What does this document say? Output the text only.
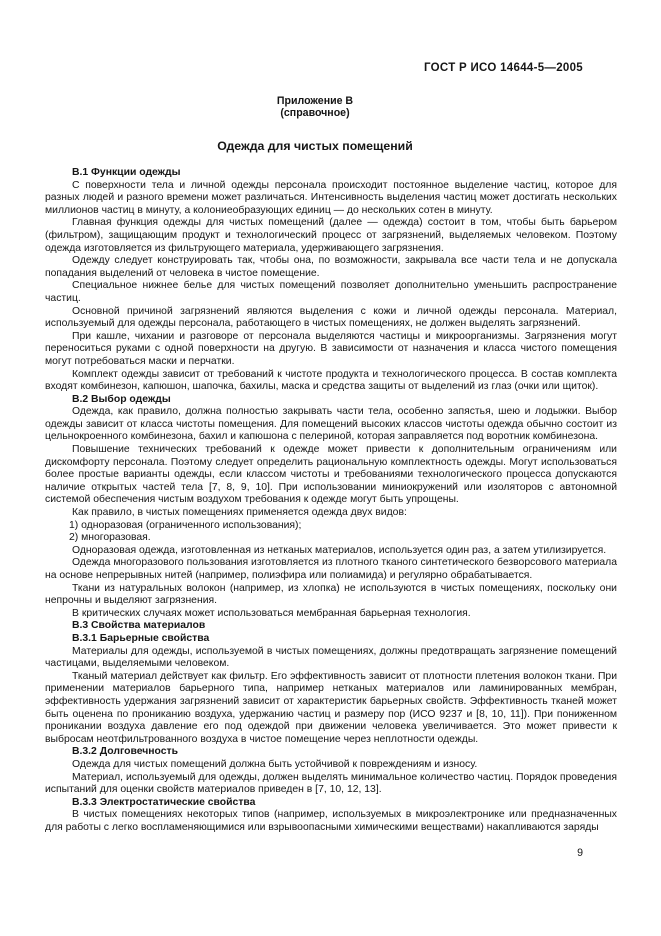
ГОСТ Р ИСО 14644-5—2005
Приложение В
(справочное)
Одежда для чистых помещений

В.1 Функции одежды

С поверхности тела и личной одежды персонала происходит постоянное выделение частиц, которое для разных людей и разного времени может различаться. Интенсивность выделения частиц может достигать нескольких миллионов частиц в минуту, а колониеобразующих единиц — до нескольких сотен в минуту.

Главная функция одежды для чистых помещений (далее — одежда) состоит в том, чтобы быть барьером (фильтром), защищающим продукт и технологический процесс от загрязнений, выделяемых человеком. Поэтому одежда изготовляется из фильтрующего материала, удерживающего загрязнения.

Одежду следует конструировать так, чтобы она, по возможности, закрывала все части тела и не допускала попадания выделений от человека в чистое помещение.

Специальное нижнее белье для чистых помещений позволяет дополнительно уменьшить распространение частиц.

Основной причиной загрязнений являются выделения с кожи и личной одежды персонала. Материал, используемый для одежды персонала, работающего в чистых помещениях, не должен выделять загрязнений.

При кашле, чихании и разговоре от персонала выделяются частицы и микроорганизмы. Загрязнения могут переноситься руками с одной поверхности на другую. В зависимости от назначения и класса чистого помещения могут потребоваться маски и перчатки.

Комплект одежды зависит от требований к чистоте продукта и технологического процесса. В состав комплекта входят комбинезон, капюшон, шапочка, бахилы, маска и средства защиты от выделений из глаз (очки или щиток).

В.2 Выбор одежды

Одежда, как правило, должна полностью закрывать части тела, особенно запястья, шею и лодыжки. Выбор одежды зависит от класса чистоты помещения. Для помещений высоких классов чистоты одежда обычно состоит из цельнокроенного комбинезона, бахил и капюшона с пелериной, которая заправляется под воротник комбинезона.

Повышение технических требований к одежде может привести к дополнительным ограничениям или дискомфорту персонала. Поэтому следует определить рациональную комплектность одежды. Могут использоваться более простые варианты одежды, если классом чистоты и требованиями технологического процесса допускаются наличие открытых частей тела [7, 8, 9, 10]. При использовании миниокружений или изоляторов с автономной системой обеспечения чистым воздухом требования к одежде могут быть упрощены.

Как правило, в чистых помещениях применяется одежда двух видов:

1) одноразовая (ограниченного использования);

2) многоразовая.

Одноразовая одежда, изготовленная из нетканых материалов, используется один раз, а затем утилизируется.

Одежда многоразового пользования изготовляется из плотного тканого синтетического безворсового материала на основе непрерывных нитей (например, полиэфира или полиамида) и регулярно обрабатывается.

Ткани из натуральных волокон (например, из хлопка) не используются в чистых помещениях, поскольку они непрочны и выделяют загрязнения.

В критических случаях может использоваться мембранная барьерная технология.

В.3 Свойства материалов

В.3.1 Барьерные свойства

Материалы для одежды, используемой в чистых помещениях, должны предотвращать загрязнение помещений частицами, выделяемыми человеком.

Тканый материал действует как фильтр. Его эффективность зависит от плотности плетения волокон ткани. При применении материалов барьерного типа, например нетканых материалов или ламинированных мембран, эффективность удержания загрязнений зависит от характеристик барьерных свойств. Эффективность тканей может быть оценена по прониканию воздуха, удержанию частиц и размеру пор (ИСО 9237 и [8, 10, 11]). При пониженном проникании воздуха давление его под одеждой при движении человека увеличивается. Это может привести к выбросам неотфильтрованного воздуха в чистое помещение через неплотности одежды.

В.3.2 Долговечность

Одежда для чистых помещений должна быть устойчивой к повреждениям и износу.

Материал, используемый для одежды, должен выделять минимальное количество частиц. Порядок проведения испытаний для оценки свойств материалов приведен в [7, 10, 12, 13].

В.3.3 Электростатические свойства

В чистых помещениях некоторых типов (например, используемых в микроэлектронике или предназначенных для работы с легко воспламеняющимися или взрывоопасными химическими веществами) накапливаются заряды

9
